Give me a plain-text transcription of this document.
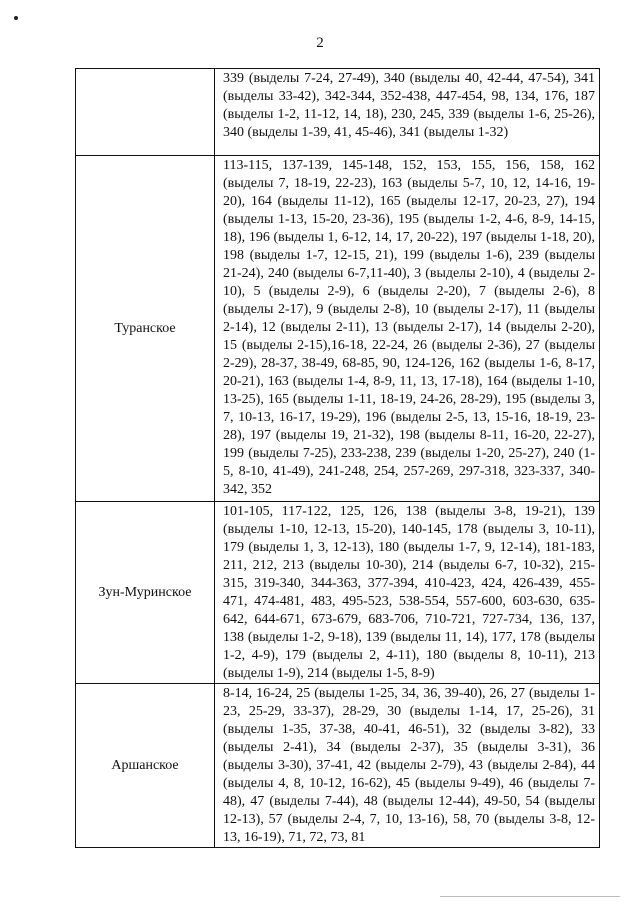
2
	339 (выделы 7-24, 27-49), 340 (выделы 40, 42-44, 47-54), 341 (выделы 33-42), 342-344, 352-438, 447-454, 98, 134, 176, 187 (выделы 1-2, 11-12, 14, 18), 230, 245, 339 (выделы 1-6, 25-26), 340 (выделы 1-39, 41, 45-46), 341 (выделы 1-32)
Туранское	113-115, 137-139, 145-148, 152, 153, 155, 156, 158, 162 (выделы 7, 18-19, 22-23), 163 (выделы 5-7, 10, 12, 14-16, 19-20), 164 (выделы 11-12), 165 (выделы 12-17, 20-23, 27), 194 (выделы 1-13, 15-20, 23-36), 195 (выделы 1-2, 4-6, 8-9, 14-15, 18), 196 (выделы 1, 6-12, 14, 17, 20-22), 197 (выделы 1-18, 20), 198 (выделы 1-7, 12-15, 21), 199 (выделы 1-6), 239 (выделы 21-24), 240 (выделы 6-7,11-40), 3 (выделы 2-10), 4 (выделы 2-10), 5 (выделы 2-9), 6 (выделы 2-20), 7 (выделы 2-6), 8 (выделы 2-17), 9 (выделы 2-8), 10 (выделы 2-17), 11 (выделы 2-14), 12 (выделы 2-11), 13 (выделы 2-17), 14 (выделы 2-20), 15 (выделы 2-15),16-18, 22-24, 26 (выделы 2-36), 27 (выделы 2-29), 28-37, 38-49, 68-85, 90, 124-126, 162 (выделы 1-6, 8-17, 20-21), 163 (выделы 1-4, 8-9, 11, 13, 17-18), 164 (выделы 1-10, 13-25), 165 (выделы 1-11, 18-19, 24-26, 28-29), 195 (выделы 3, 7, 10-13, 16-17, 19-29), 196 (выделы 2-5, 13, 15-16, 18-19, 23-28), 197 (выделы 19, 21-32), 198 (выделы 8-11, 16-20, 22-27), 199 (выделы 7-25), 233-238, 239 (выделы 1-20, 25-27), 240 (1-5, 8-10, 41-49), 241-248, 254, 257-269, 297-318, 323-337, 340-342, 352
Зун-Муринское	101-105, 117-122, 125, 126, 138 (выделы 3-8, 19-21), 139 (выделы 1-10, 12-13, 15-20), 140-145, 178 (выделы 3, 10-11), 179 (выделы 1, 3, 12-13), 180 (выделы 1-7, 9, 12-14), 181-183, 211, 212, 213 (выделы 10-30), 214 (выделы 6-7, 10-32), 215-315, 319-340, 344-363, 377-394, 410-423, 424, 426-439, 455-471, 474-481, 483, 495-523, 538-554, 557-600, 603-630, 635-642, 644-671, 673-679, 683-706, 710-721, 727-734, 136, 137, 138 (выделы 1-2, 9-18), 139 (выделы 11, 14), 177, 178 (выделы 1-2, 4-9), 179 (выделы 2, 4-11), 180 (выделы 8, 10-11), 213 (выделы 1-9), 214 (выделы 1-5, 8-9)
Аршанское	8-14, 16-24, 25 (выделы 1-25, 34, 36, 39-40), 26, 27 (выделы 1-23, 25-29, 33-37), 28-29, 30 (выделы 1-14, 17, 25-26), 31 (выделы 1-35, 37-38, 40-41, 46-51), 32 (выделы 3-82), 33 (выделы 2-41), 34 (выделы 2-37), 35 (выделы 3-31), 36 (выделы 3-30), 37-41, 42 (выделы 2-79), 43 (выделы 2-84), 44 (выделы 4, 8, 10-12, 16-62), 45 (выделы 9-49), 46 (выделы 7-48), 47 (выделы 7-44), 48 (выделы 12-44), 49-50, 54 (выделы 12-13), 57 (выделы 2-4, 7, 10, 13-16), 58, 70 (выделы 3-8, 12-13, 16-19), 71, 72, 73, 81
